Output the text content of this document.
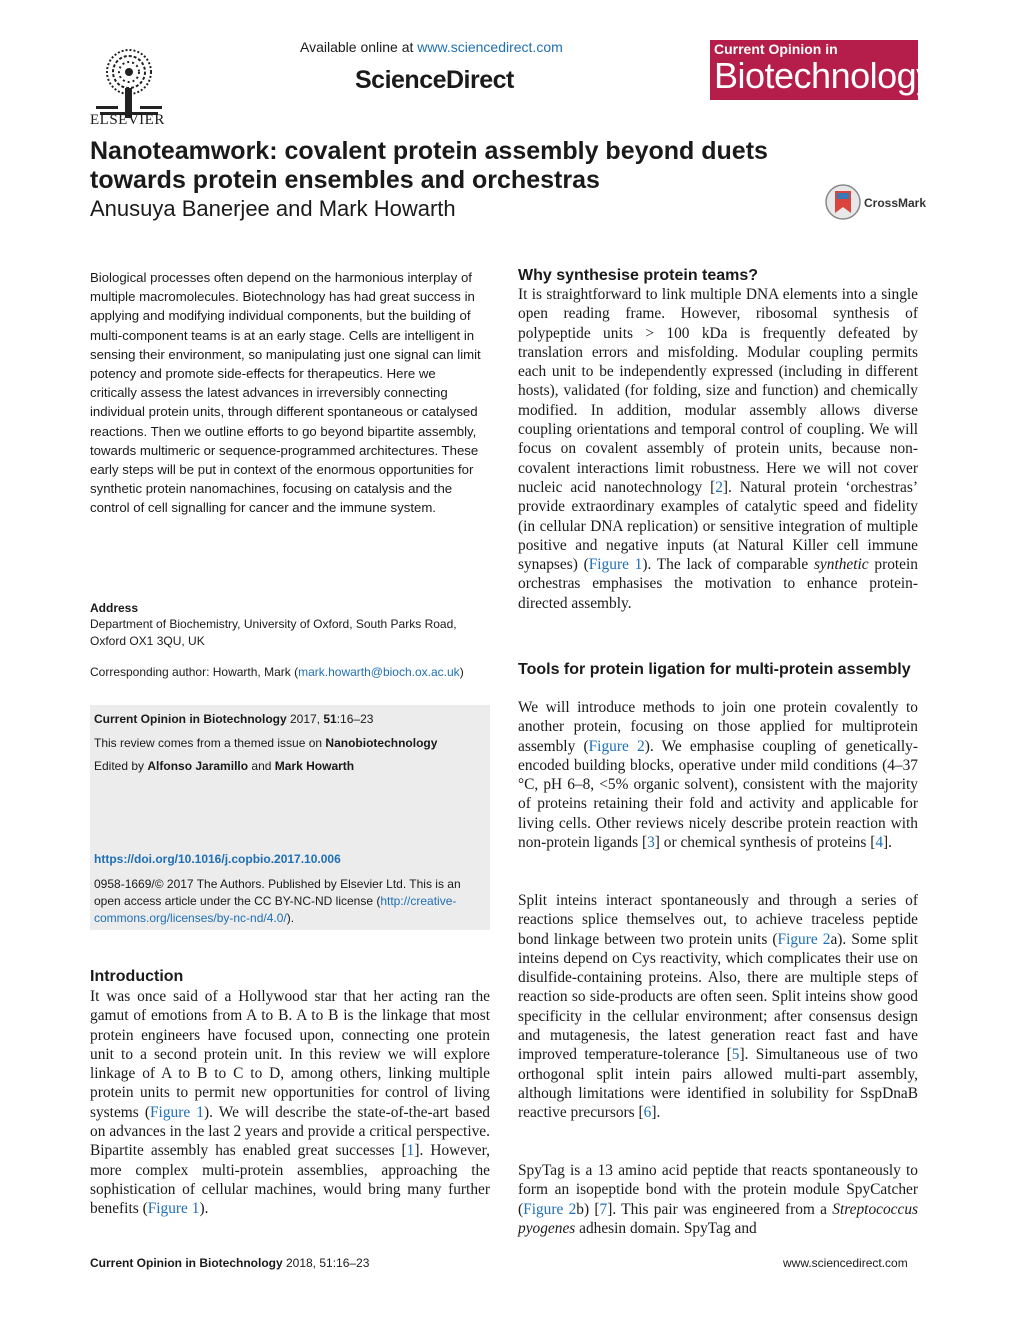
ELSEVIER
Available online at www.sciencedirect.com
ScienceDirect
Current Opinion in
Biotechnology
Nanoteamwork: covalent protein assembly beyond duets towards protein ensembles and orchestras
Anusuya Banerjee and Mark Howarth	CrossMark
Biological processes often depend on the harmonious interplay of multiple macromolecules. Biotechnology has had great success in applying and modifying individual components, but the building of multi-component teams is at an early stage. Cells are intelligent in sensing their environment, so manipulating just one signal can limit potency and promote side-effects for therapeutics. Here we critically assess the latest advances in irreversibly connecting individual protein units, through different spontaneous or catalysed reactions. Then we outline efforts to go beyond bipartite assembly, towards multimeric or sequence-programmed architectures. These early steps will be put in context of the enormous opportunities for synthetic protein nanomachines, focusing on catalysis and the control of cell signalling for cancer and the immune system.
Address
Department of Biochemistry, University of Oxford, South Parks Road, Oxford OX1 3QU, UK
Corresponding author: Howarth, Mark (mark.howarth@bioch.ox.ac.uk)
Current Opinion in Biotechnology 2017, 51:16–23
This review comes from a themed issue on Nanobiotechnology
Edited by Alfonso Jaramillo and Mark Howarth
https://doi.org/10.1016/j.copbio.2017.10.006
0958-1669/© 2017 The Authors. Published by Elsevier Ltd. This is an open access article under the CC BY-NC-ND license (http://creative-commons.org/licenses/by-nc-nd/4.0/).
Introduction

It was once said of a Hollywood star that her acting ran the gamut of emotions from A to B. A to B is the linkage that most protein engineers have focused upon, connecting one protein unit to a second protein unit. In this review we will explore linkage of A to B to C to D, among others, linking multiple protein units to permit new opportunities for control of living systems (Figure 1). We will describe the state-of-the-art based on advances in the last 2 years and provide a critical perspective. Bipartite assembly has enabled great successes [1]. However, more complex multi-protein assemblies, approaching the sophistication of cellular machines, would bring many further benefits (Figure 1).

Why synthesise protein teams?

It is straightforward to link multiple DNA elements into a single open reading frame. However, ribosomal synthesis of polypeptide units > 100 kDa is frequently defeated by translation errors and misfolding. Modular coupling permits each unit to be independently expressed (including in different hosts), validated (for folding, size and function) and chemically modified. In addition, modular assembly allows diverse coupling orientations and temporal control of coupling. We will focus on covalent assembly of protein units, because non-covalent interactions limit robustness. Here we will not cover nucleic acid nanotechnology [2]. Natural protein ‘orchestras’ provide extraordinary examples of catalytic speed and fidelity (in cellular DNA replication) or sensitive integration of multiple positive and negative inputs (at Natural Killer cell immune synapses) (Figure 1). The lack of comparable synthetic protein orchestras emphasises the motivation to enhance protein-directed assembly.

Tools for protein ligation for multi-protein assembly

We will introduce methods to join one protein covalently to another protein, focusing on those applied for multiprotein assembly (Figure 2). We emphasise coupling of genetically-encoded building blocks, operative under mild conditions (4–37 °C, pH 6–8, <5% organic solvent), consistent with the majority of proteins retaining their fold and activity and applicable for living cells. Other reviews nicely describe protein reaction with non-protein ligands [3] or chemical synthesis of proteins [4].

Split inteins interact spontaneously and through a series of reactions splice themselves out, to achieve traceless peptide bond linkage between two protein units (Figure 2a). Some split inteins depend on Cys reactivity, which complicates their use on disulfide-containing proteins. Also, there are multiple steps of reaction so side-products are often seen. Split inteins show good specificity in the cellular environment; after consensus design and mutagenesis, the latest generation react fast and have improved temperature-tolerance [5]. Simultaneous use of two orthogonal split intein pairs allowed multi-part assembly, although limitations were identified in solubility for SspDnaB reactive precursors [6].

SpyTag is a 13 amino acid peptide that reacts spontaneously to form an isopeptide bond with the protein module SpyCatcher (Figure 2b) [7]. This pair was engineered from a Streptococcus pyogenes adhesin domain. SpyTag and

Current Opinion in Biotechnology 2018, 51:16–23	www.sciencedirect.com
